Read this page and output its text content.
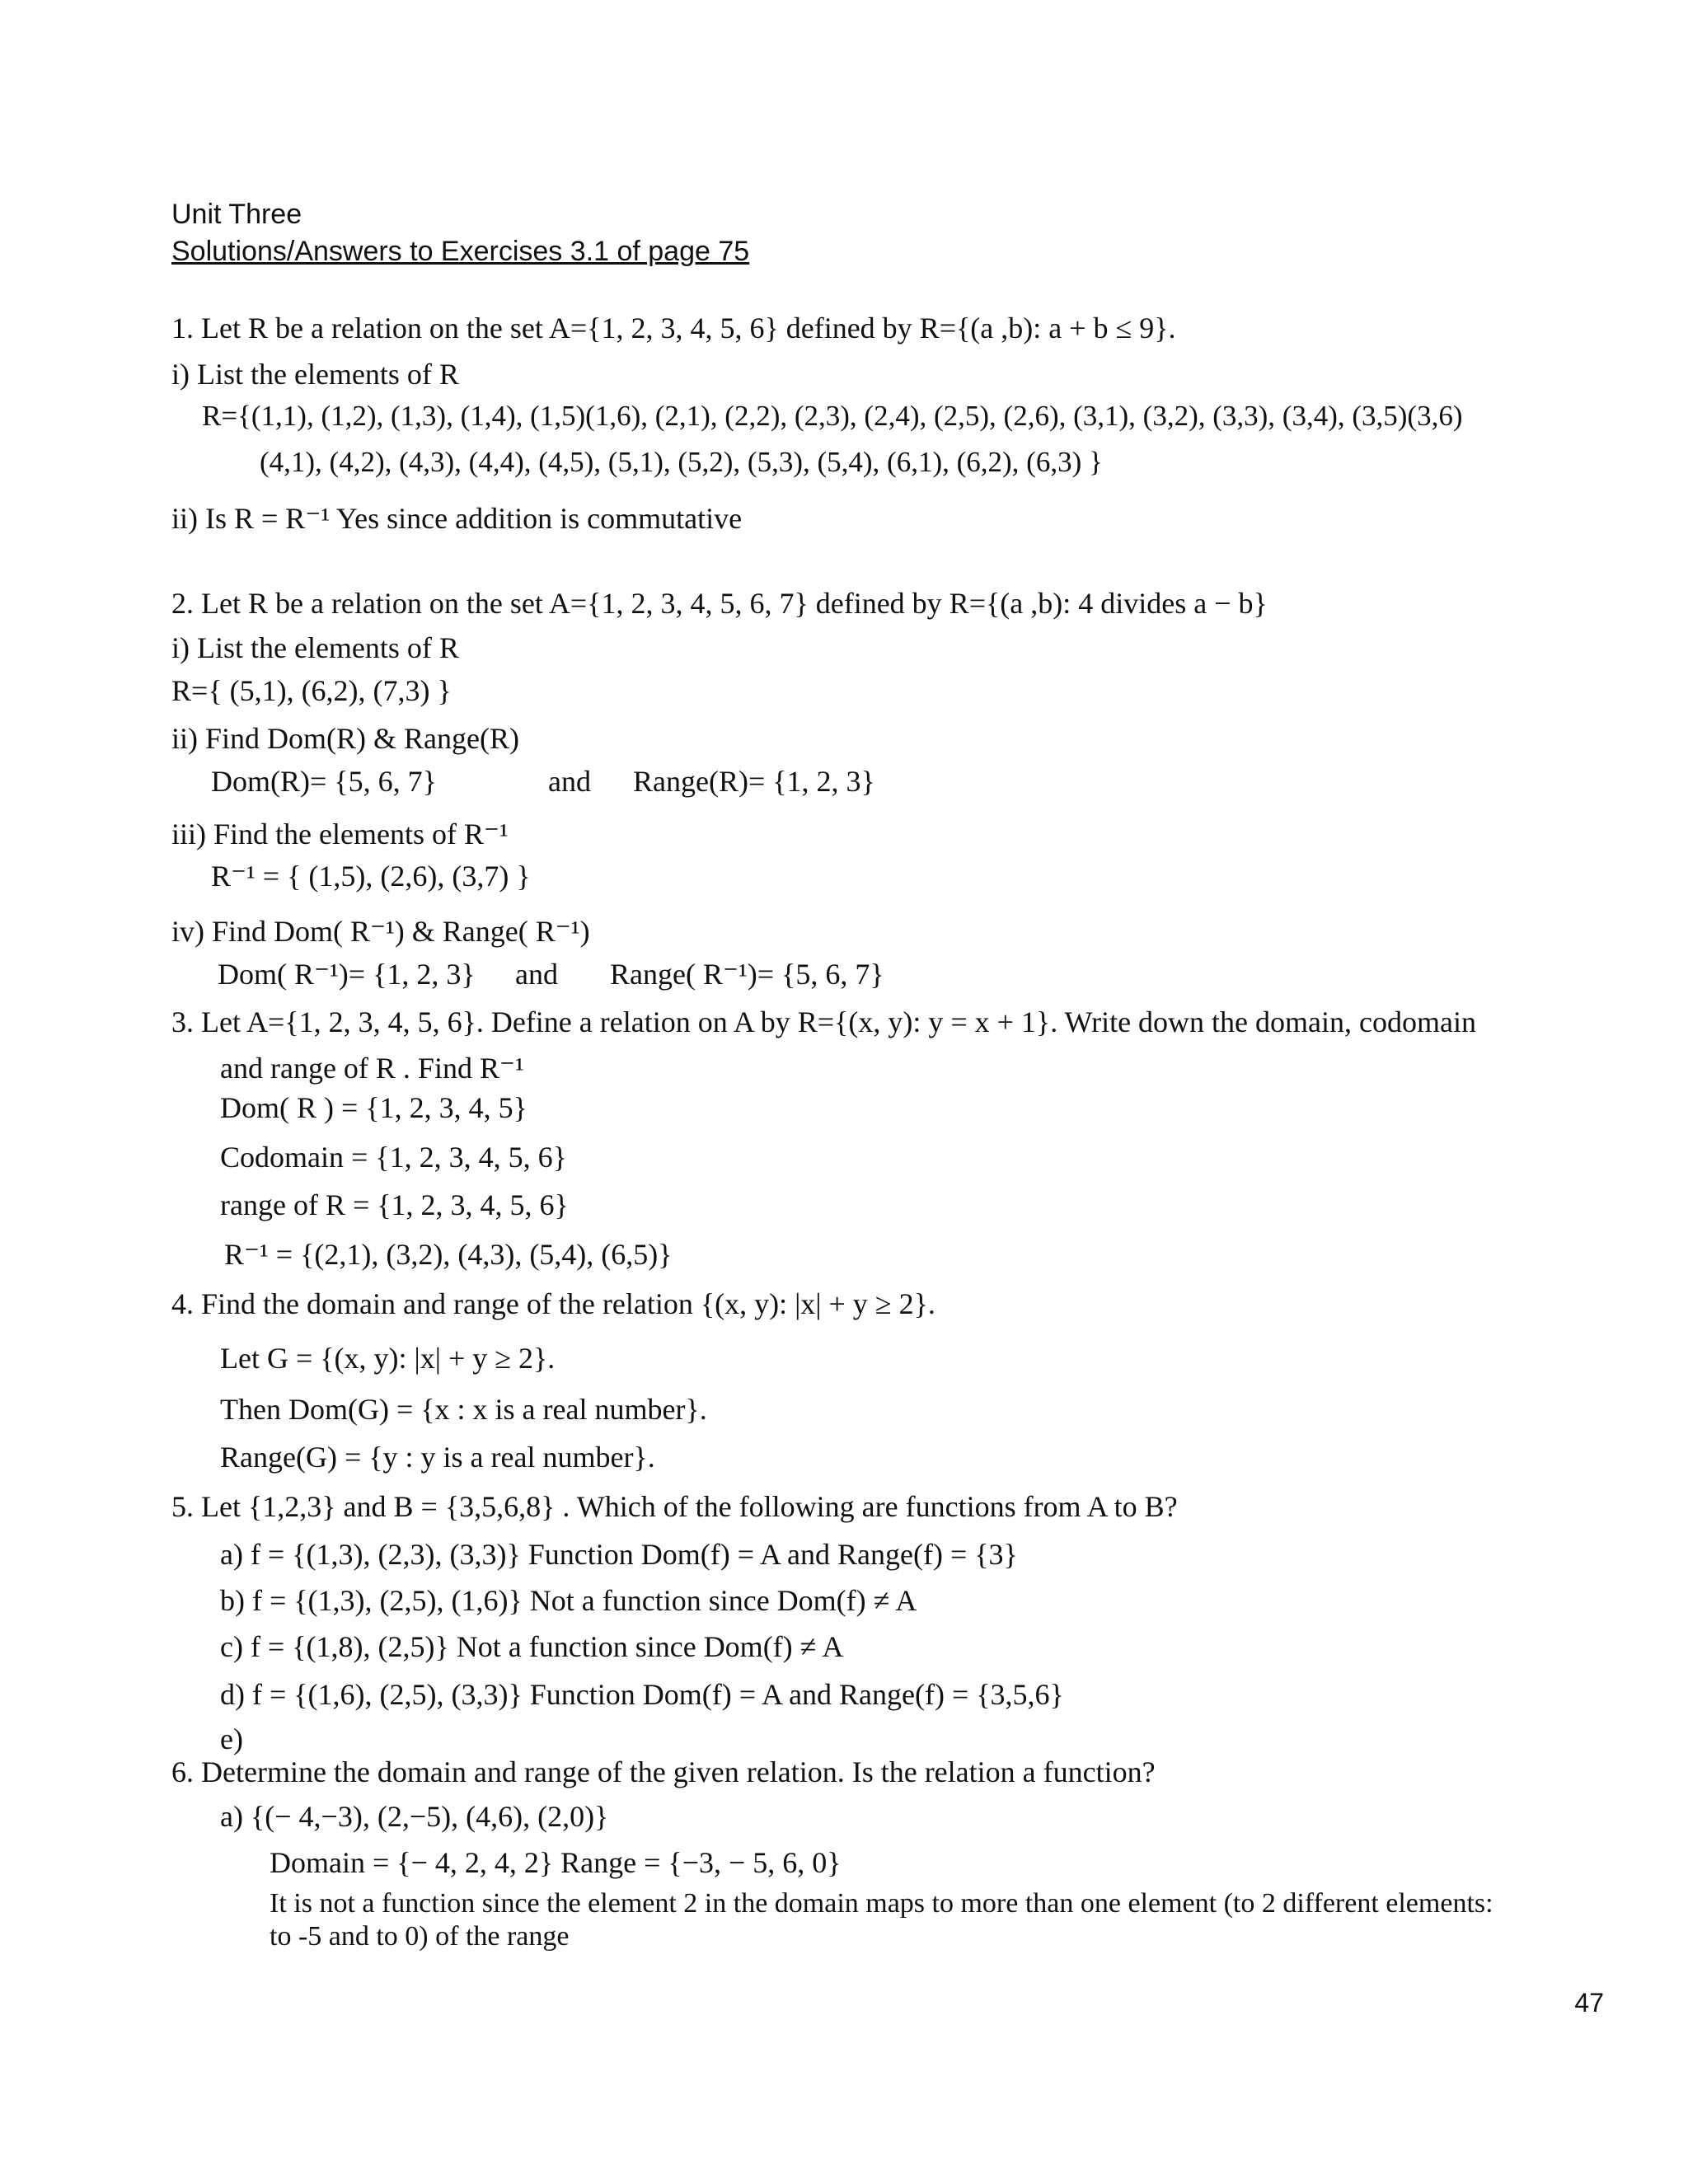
Unit Three
Solutions/Answers to Exercises 3.1 of page 75
1. Let R be a relation on the set A={1, 2, 3, 4, 5, 6} defined by R={(a ,b): a + b ≤ 9}.
i) List the elements of R
R={(1,1), (1,2), (1,3), (1,4), (1,5)(1,6), (2,1), (2,2), (2,3), (2,4), (2,5), (2,6), (3,1), (3,2), (3,3), (3,4), (3,5)(3,6)
(4,1), (4,2), (4,3), (4,4), (4,5), (5,1), (5,2), (5,3), (5,4), (6,1), (6,2), (6,3) }
ii) Is R = R⁻¹ Yes since addition is commutative
2. Let R be a relation on the set A={1, 2, 3, 4, 5, 6, 7} defined by R={(a ,b): 4 divides a − b}
i) List the elements of R
R={ (5,1), (6,2), (7,3) }
ii) Find Dom(R) & Range(R)
Dom(R)= {5, 6, 7}	and Range(R)= {1, 2, 3}
iii) Find the elements of R⁻¹
R⁻¹ = { (1,5), (2,6), (3,7) }
iv) Find Dom( R⁻¹) & Range( R⁻¹)
Dom( R⁻¹)= {1, 2, 3} and Range( R⁻¹)= {5, 6, 7}
3. Let A={1, 2, 3, 4, 5, 6}. Define a relation on A by R={(x, y): y = x + 1}. Write down the domain, codomain
and range of R . Find R⁻¹
Dom( R ) = {1, 2, 3, 4, 5}
Codomain = {1, 2, 3, 4, 5, 6}
range of R = {1, 2, 3, 4, 5, 6}
R⁻¹ = {(2,1), (3,2), (4,3), (5,4), (6,5)}
4. Find the domain and range of the relation {(x, y): |x| + y ≥ 2}.
Let G = {(x, y): |x| + y ≥ 2}.
Then Dom(G) = {x : x is a real number}.
Range(G) = {y : y is a real number}.
5. Let {1,2,3} and B = {3,5,6,8} . Which of the following are functions from A to B?
a) f = {(1,3), (2,3), (3,3)} Function Dom(f) = A and Range(f) = {3}
b) f = {(1,3), (2,5), (1,6)} Not a function since Dom(f) ≠ A
c) f = {(1,8), (2,5)} Not a function since Dom(f) ≠ A
d) f = {(1,6), (2,5), (3,3)} Function Dom(f) = A and Range(f) = {3,5,6}
e)
6. Determine the domain and range of the given relation. Is the relation a function?
a) {(− 4,−3), (2,−5), (4,6), (2,0)}
Domain = {− 4, 2, 4, 2} Range = {−3, − 5, 6, 0}
It is not a function since the element 2 in the domain maps to more than one element (to 2 different elements:
to -5 and to 0) of the range
47
